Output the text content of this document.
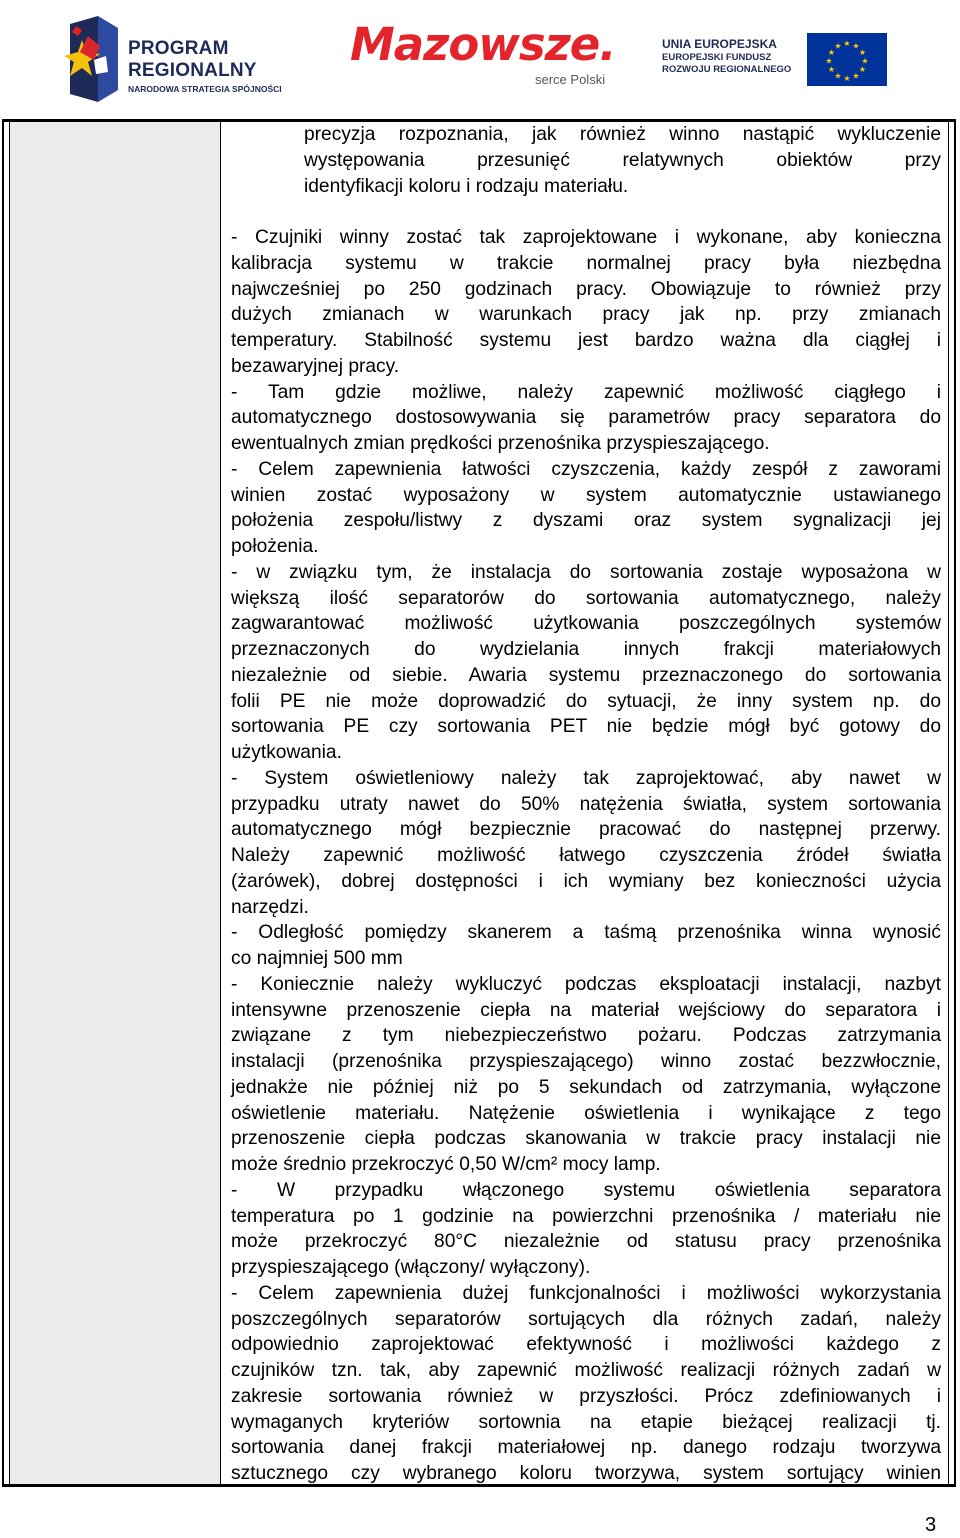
PROGRAM
REGIONALNY
NARODOWA STRATEGIA SPÓJNOŚCI
Mazowsze.
serce Polski
UNIA EUROPEJSKA
EUROPEJSKI FUNDUSZ
ROZWOJU REGIONALNEGO
★ ★
★
★
★
★
★
★
★
★
★
★

precyzja rozpoznania, jak również winno nastąpić wykluczenie

występowania przesunięć relatywnych obiektów przy

identyfikacji koloru i rodzaju materiału.

- Czujniki winny zostać tak zaprojektowane i wykonane, aby konieczna

kalibracja systemu w trakcie normalnej pracy była niezbędna

najwcześniej po 250 godzinach pracy. Obowiązuje to również przy

dużych zmianach w warunkach pracy jak np. przy zmianach

temperatury. Stabilność systemu jest bardzo ważna dla ciągłej i

bezawaryjnej pracy.

- Tam gdzie możliwe, należy zapewnić możliwość ciągłego i

automatycznego dostosowywania się parametrów pracy separatora do

ewentualnych zmian prędkości przenośnika przyspieszającego.

- Celem zapewnienia łatwości czyszczenia, każdy zespół z zaworami

winien zostać wyposażony w system automatycznie ustawianego

położenia zespołu/listwy z dyszami oraz system sygnalizacji jej

położenia.

- w związku tym, że instalacja do sortowania zostaje wyposażona w

większą ilość separatorów do sortowania automatycznego, należy

zagwarantować możliwość użytkowania poszczególnych systemów

przeznaczonych do wydzielania innych frakcji materiałowych

niezależnie od siebie. Awaria systemu przeznaczonego do sortowania

folii PE nie może doprowadzić do sytuacji, że inny system np. do

sortowania PE czy sortowania PET nie będzie mógł być gotowy do

użytkowania.

- System oświetleniowy należy tak zaprojektować, aby nawet w

przypadku utraty nawet do 50% natężenia światła, system sortowania

automatycznego mógł bezpiecznie pracować do następnej przerwy.

Należy zapewnić możliwość łatwego czyszczenia źródeł światła

(żarówek), dobrej dostępności i ich wymiany bez konieczności użycia

narzędzi.

- Odległość pomiędzy skanerem a taśmą przenośnika winna wynosić

co najmniej 500 mm

- Koniecznie należy wykluczyć podczas eksploatacji instalacji, nazbyt

intensywne przenoszenie ciepła na materiał wejściowy do separatora i

związane z tym niebezpieczeństwo pożaru. Podczas zatrzymania

instalacji (przenośnika przyspieszającego) winno zostać bezzwłocznie,

jednakże nie później niż po 5 sekundach od zatrzymania, wyłączone

oświetlenie materiału. Natężenie oświetlenia i wynikające z tego

przenoszenie ciepła podczas skanowania w trakcie pracy instalacji nie

może średnio przekroczyć 0,50 W/cm² mocy lamp.

- W przypadku włączonego systemu oświetlenia separatora

temperatura po 1 godzinie na powierzchni przenośnika / materiału nie

może przekroczyć 80°C niezależnie od statusu pracy przenośnika

przyspieszającego (włączony/ wyłączony).

- Celem zapewnienia dużej funkcjonalności i możliwości wykorzystania

poszczególnych separatorów sortujących dla różnych zadań, należy

odpowiednio zaprojektować efektywność i możliwości każdego z

czujników tzn. tak, aby zapewnić możliwość realizacji różnych zadań w

zakresie sortowania również w przyszłości. Prócz zdefiniowanych i

wymaganych kryteriów sortownia na etapie bieżącej realizacji tj.

sortowania danej frakcji materiałowej np. danego rodzaju tworzywa

sztucznego czy wybranego koloru tworzywa, system sortujący winien

3
